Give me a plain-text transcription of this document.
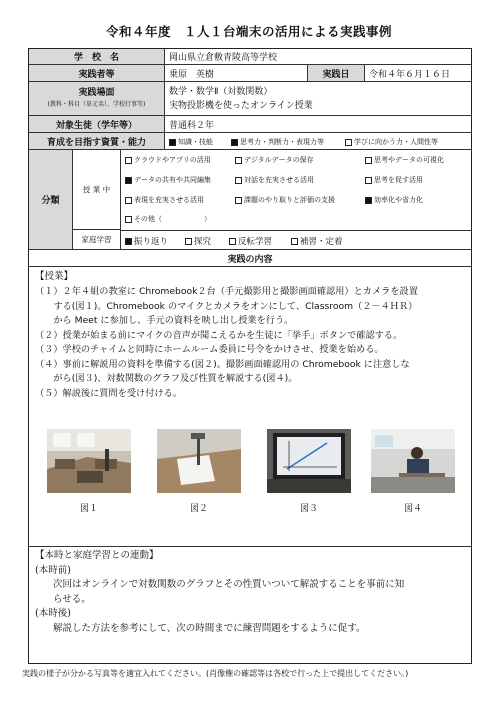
令和４年度　１人１台端末の活用による実践事例
学　校　名	岡山県立倉敷青陵高等学校
実践者等	乗原　英樹	実践日	令和４年６月１６日
実践場面
(教科・科目（単元名）、学校行事等)
数学・数学Ⅱ（対数関数）
実物投影機を使ったオンライン授業
対象生徒（学年等）	普通科２年
育成を目指す資質・能力	知識・技能	思考力・判断力・表現力等	学びに向かう力・人間性等
分類
授 業 中
家庭学習
クラウドやアプリの活用	デジタルデータの保存	思考やデータの可視化
データの共有や共同編集	対話を充実させる活用	思考を促す活用
表現を充実させる活用	課題のやり取りと評価の支援	効率化や省力化
その他（　　　　　　）
振り返り	探究	反転学習	補習・定着
実践の内容
【授業】
（１）２年４組の教室に Chromebook２台（手元撮影用と撮影画面確認用）とカメラを設置
　　する(図１)。Chromebook のマイクとカメラをオンにして、Classroom（２－４ＨＲ）
　　から Meet に参加し、手元の資料を映し出し授業を行う。
（２）授業が始まる前にマイクの音声が聞こえるかを生徒に「挙手」ボタンで確認する。
（３）学校のチャイムと同時にホームルーム委員に号令をかけさせ、授業を始める。
（４）事前に解説用の資料を準備する(図２)。撮影画面確認用の Chromebook に注意しな
　　がら(図３)、対数関数のグラフ及び性質を解説する(図４)。
（５）解説後に質問を受け付ける。
図１	図２	図３	図４
【本時と家庭学習との連動】
(本時前)
次回はオンラインで対数関数のグラフとその性質いついて解説することを事前に知
らせる。
(本時後)
解説した方法を参考にして、次の時間までに練習問題をするように促す。
実践の様子が分かる写真等を適宜入れてください。(肖像権の確認等は各校で行った上で提出してください。)
